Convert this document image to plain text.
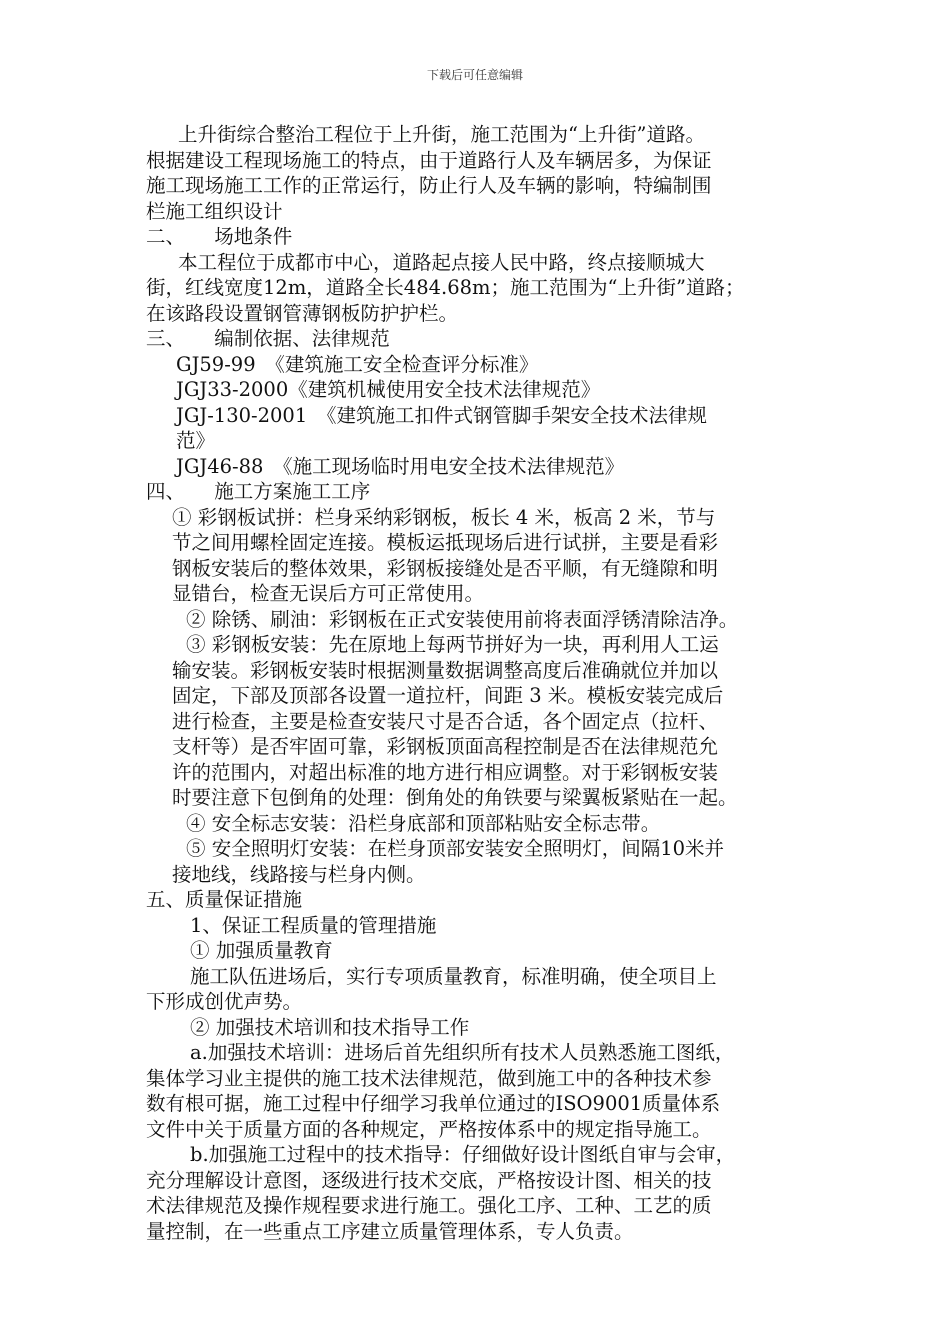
下载后可任意编辑
上升街综合整治工程位于上升街，施工范围为“上升街”道路。
根据建设工程现场施工的特点，由于道路行人及车辆居多，为保证
施工现场施工工作的正常运行，防止行人及车辆的影响，特编制围
栏施工组织设计
二、　　场地条件
本工程位于成都市中心，道路起点接人民中路，终点接顺城大
街，红线宽度12m，道路全长484.68m；施工范围为“上升街”道路；
在该路段设置钢管薄钢板防护护栏。
三、　　编制依据、法律规范
GJ59-99　《建筑施工安全检查评分标准》
JGJ33-2000《建筑机械使用安全技术法律规范》
JGJ-130-2001　《建筑施工扣件式钢管脚手架安全技术法律规
范》
JGJ46-88　《施工现场临时用电安全技术法律规范》
四、　　施工方案施工工序
① 彩钢板试拼：栏身采纳彩钢板，板长 4 米，板高 2 米，节与
节之间用螺栓固定连接。模板运抵现场后进行试拼，主要是看彩
钢板安装后的整体效果，彩钢板接缝处是否平顺，有无缝隙和明
显错台，检查无误后方可正常使用。
② 除锈、刷油：彩钢板在正式安装使用前将表面浮锈清除洁净。
③ 彩钢板安装：先在原地上每两节拼好为一块，再利用人工运
输安装。彩钢板安装时根据测量数据调整高度后准确就位并加以
固定，下部及顶部各设置一道拉杆，间距 3 米。模板安装完成后
进行检查，主要是检查安装尺寸是否合适，各个固定点（拉杆、
支杆等）是否牢固可靠，彩钢板顶面高程控制是否在法律规范允
许的范围内，对超出标准的地方进行相应调整。对于彩钢板安装
时要注意下包倒角的处理：倒角处的角铁要与梁翼板紧贴在一起。
④ 安全标志安装：沿栏身底部和顶部粘贴安全标志带。
⑤ 安全照明灯安装：在栏身顶部安装安全照明灯，间隔10米并
接地线，线路接与栏身内侧。
五、质量保证措施
1、保证工程质量的管理措施
① 加强质量教育
施工队伍进场后，实行专项质量教育，标准明确，使全项目上
下形成创优声势。
② 加强技术培训和技术指导工作
a.加强技术培训：进场后首先组织所有技术人员熟悉施工图纸，
集体学习业主提供的施工技术法律规范，做到施工中的各种技术参
数有根可据，施工过程中仔细学习我单位通过的ISO9001质量体系
文件中关于质量方面的各种规定，严格按体系中的规定指导施工。
b.加强施工过程中的技术指导：仔细做好设计图纸自审与会审，
充分理解设计意图，逐级进行技术交底，严格按设计图、相关的技
术法律规范及操作规程要求进行施工。强化工序、工种、工艺的质
量控制，在一些重点工序建立质量管理体系，专人负责。
